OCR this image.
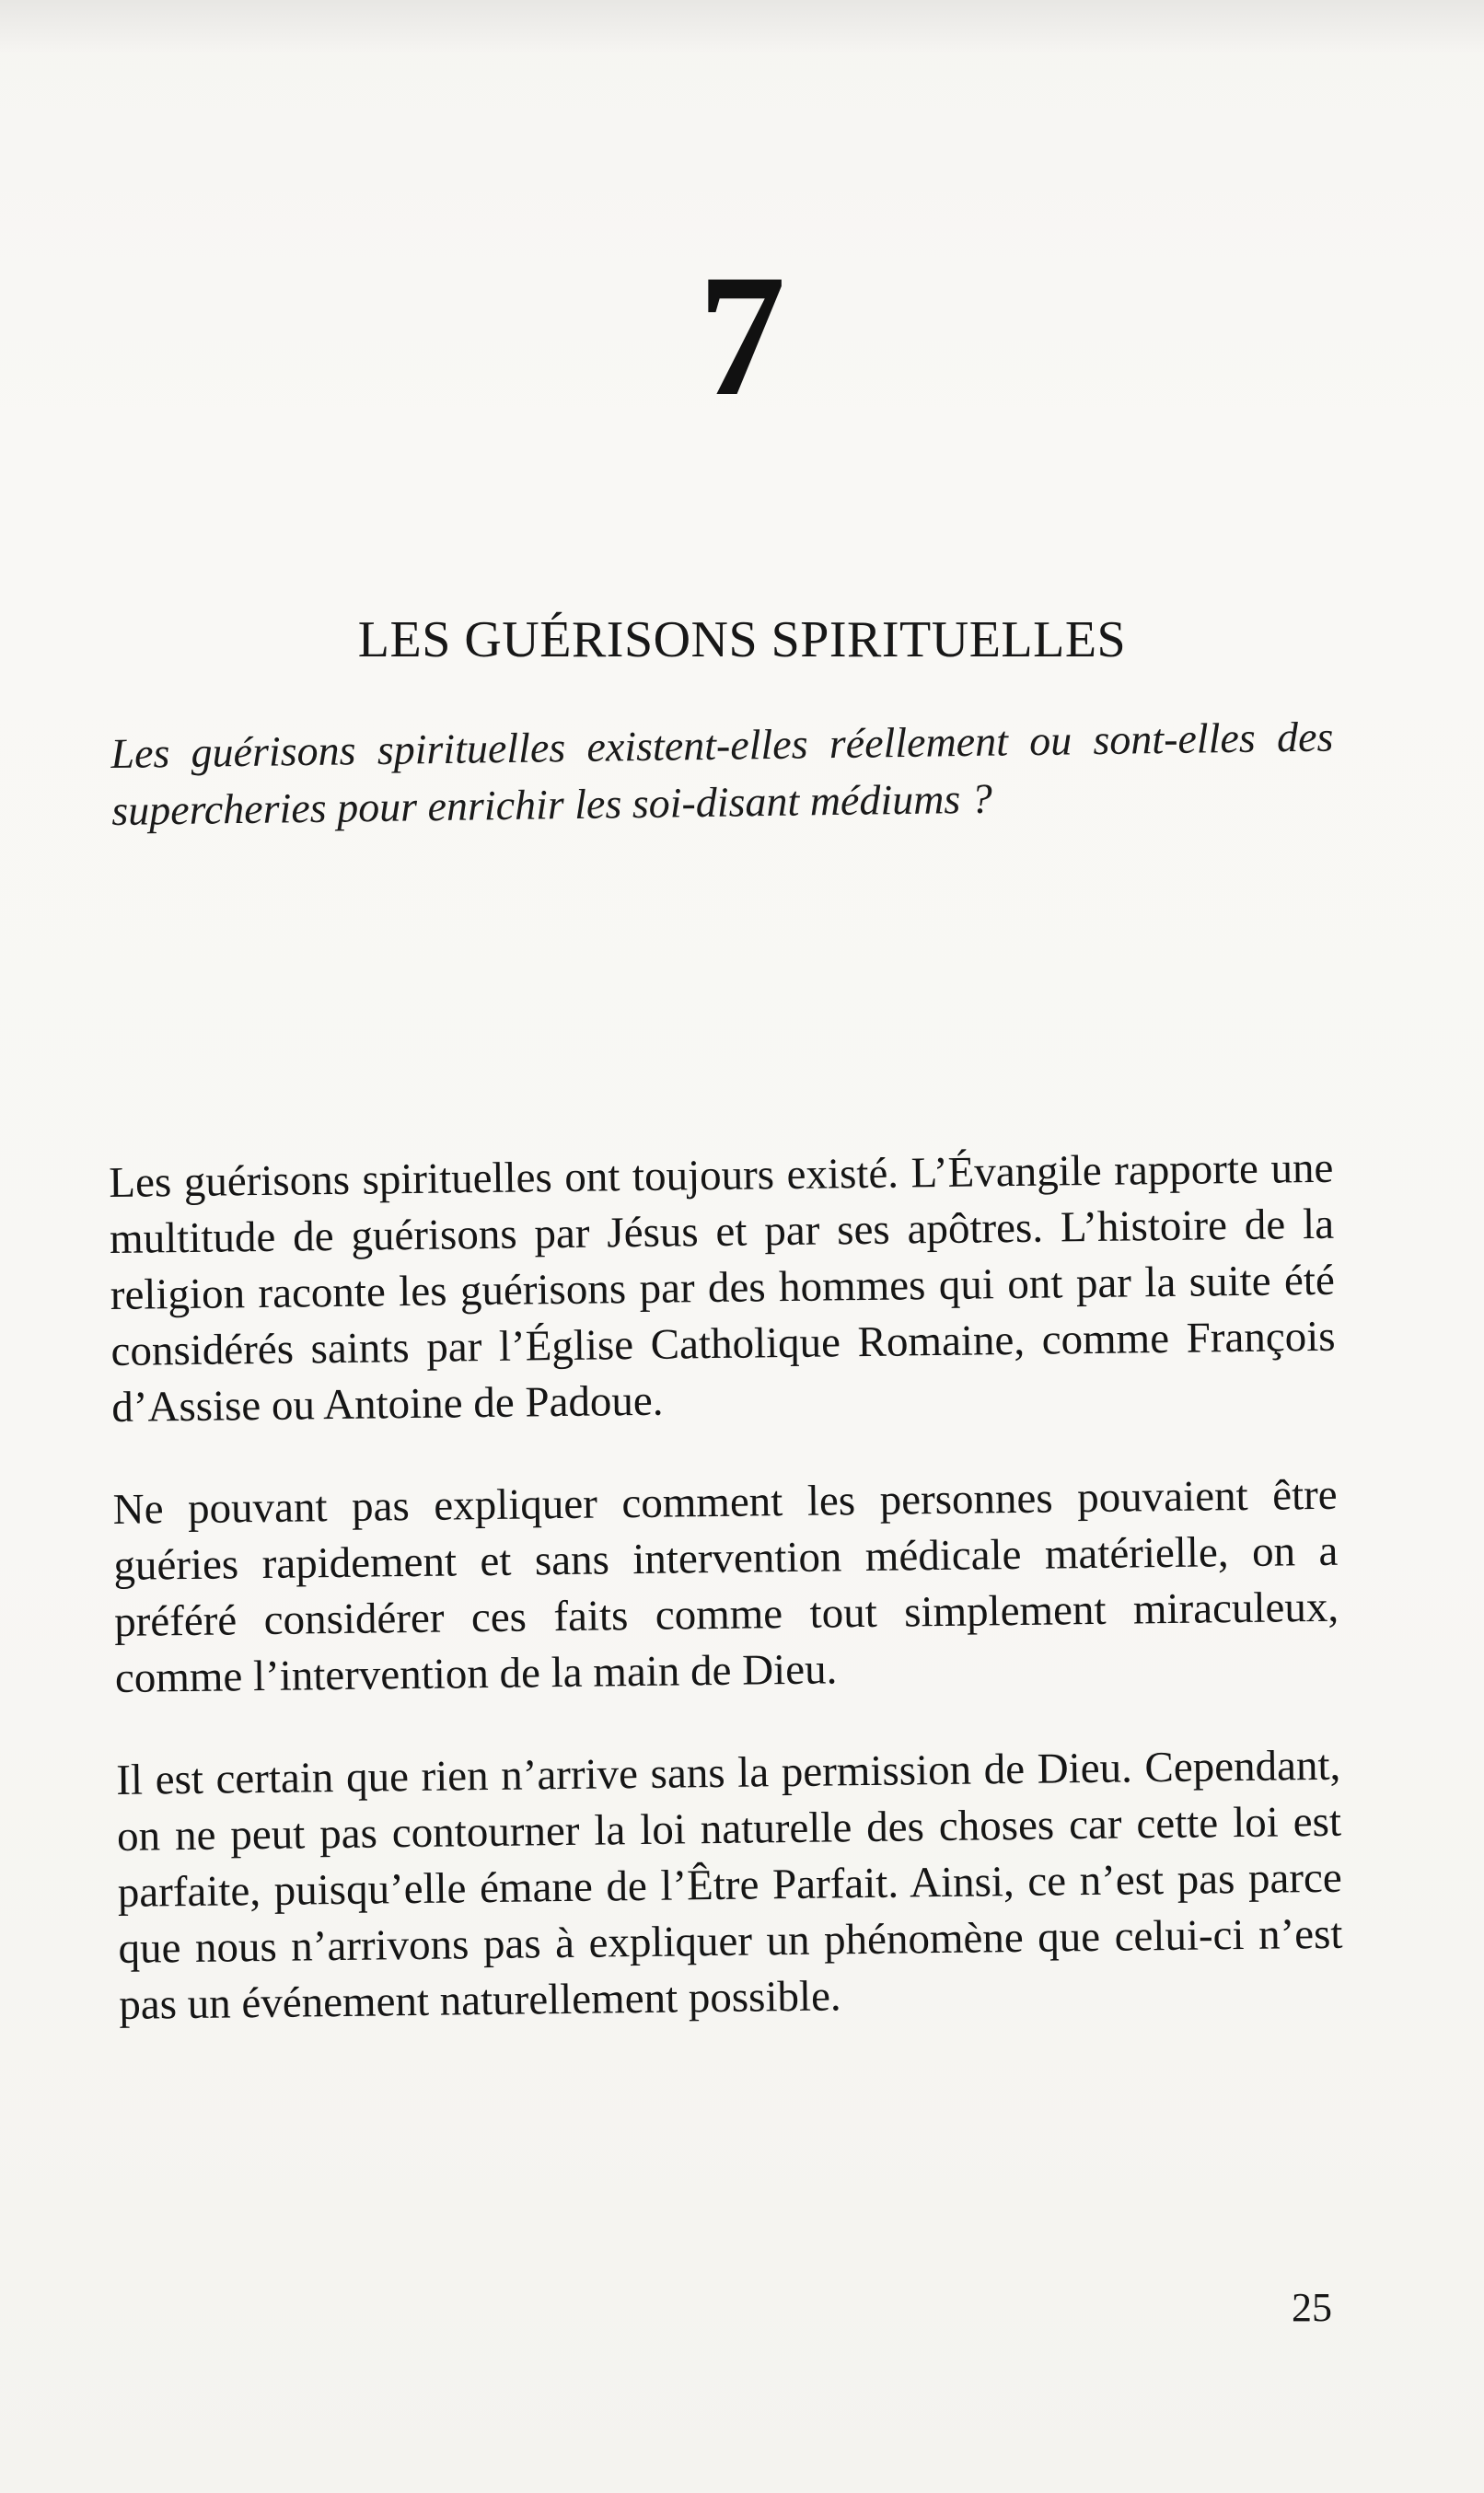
7
LES GUÉRISONS SPIRITUELLES
Les guérisons spirituelles existent-elles réellement ou sont-elles des supercheries pour enrichir les soi-disant médiums ?

Les guérisons spirituelles ont toujours existé. L’Évangile rapporte une multitude de guérisons par Jésus et par ses apôtres. L’histoire de la religion raconte les guérisons par des hommes qui ont par la suite été considérés saints par l’Église Catholique Romaine, comme François d’Assise ou Antoine de Padoue.

Ne pouvant pas expliquer comment les personnes pouvaient être guéries rapidement et sans intervention médicale matérielle, on a préféré considérer ces faits comme tout simplement miraculeux, comme l’intervention de la main de Dieu.

Il est certain que rien n’arrive sans la permission de Dieu. Cependant, on ne peut pas contourner la loi naturelle des choses car cette loi est parfaite, puisqu’elle émane de l’Être Parfait. Ainsi, ce n’est pas parce que nous n’arrivons pas à expliquer un phénomène que celui-ci n’est pas un événement naturellement possible.

25
